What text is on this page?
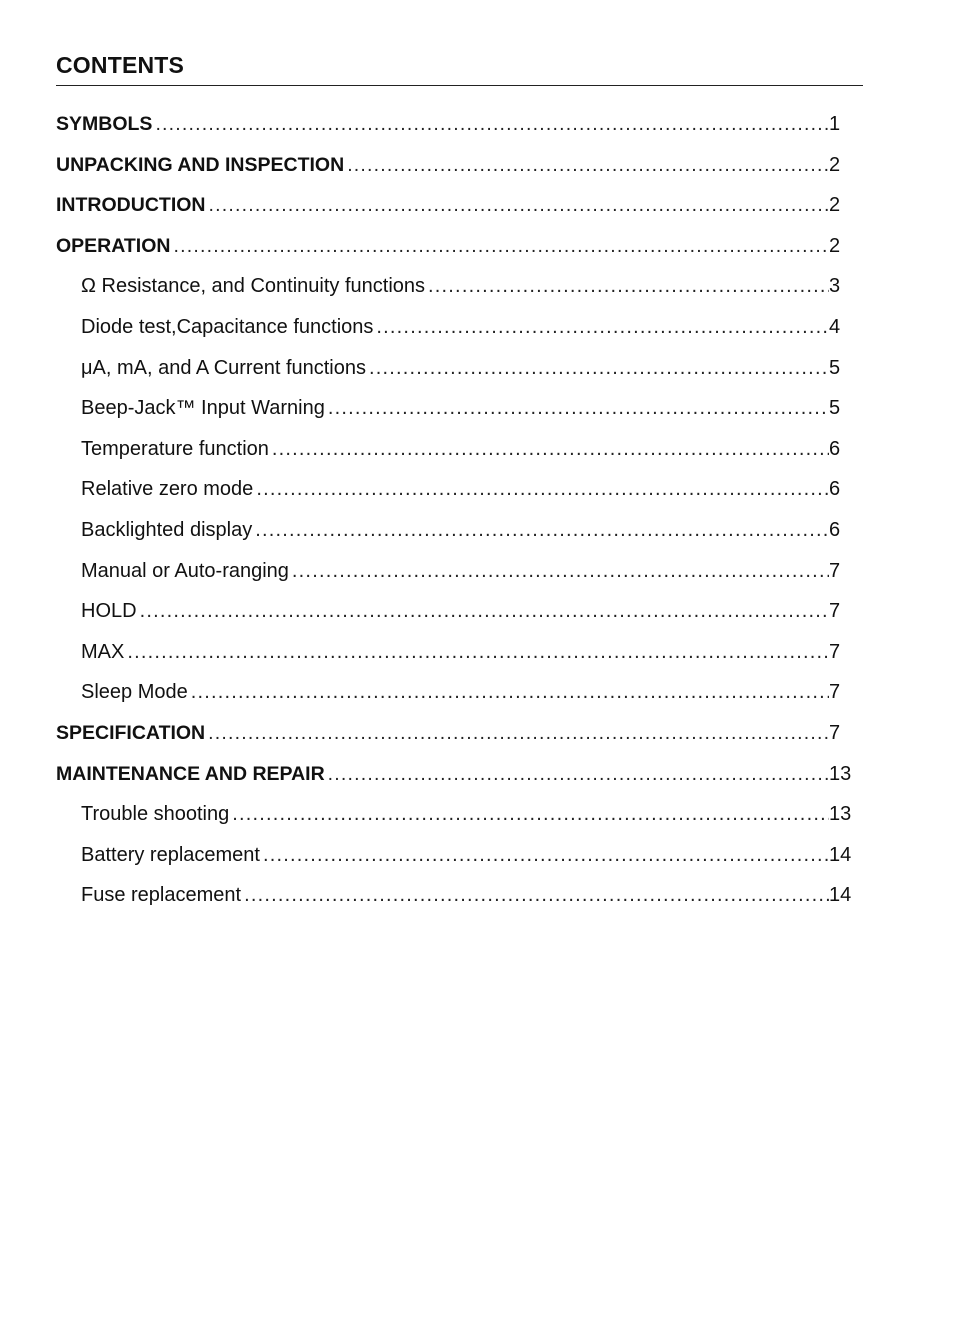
CONTENTS
SYMBOLS .....	1
UNPACKING AND INSPECTION .....	2
INTRODUCTION .....	2
OPERATION .....	2
Ω Resistance, and Continuity functions .....	3
Diode test,Capacitance functions .....	4
μA, mA, and A Current functions .....	5
Beep-Jack™ Input Warning .....	5
Temperature function .....	6
Relative zero mode .....	6
Backlighted display .....	6
Manual or Auto-ranging .....	7
HOLD .....	7
MAX .....	7
Sleep Mode .....	7
SPECIFICATION .....	7
MAINTENANCE AND REPAIR .....	13
Trouble shooting .....	13
Battery replacement .....	14
Fuse replacement .....	14
